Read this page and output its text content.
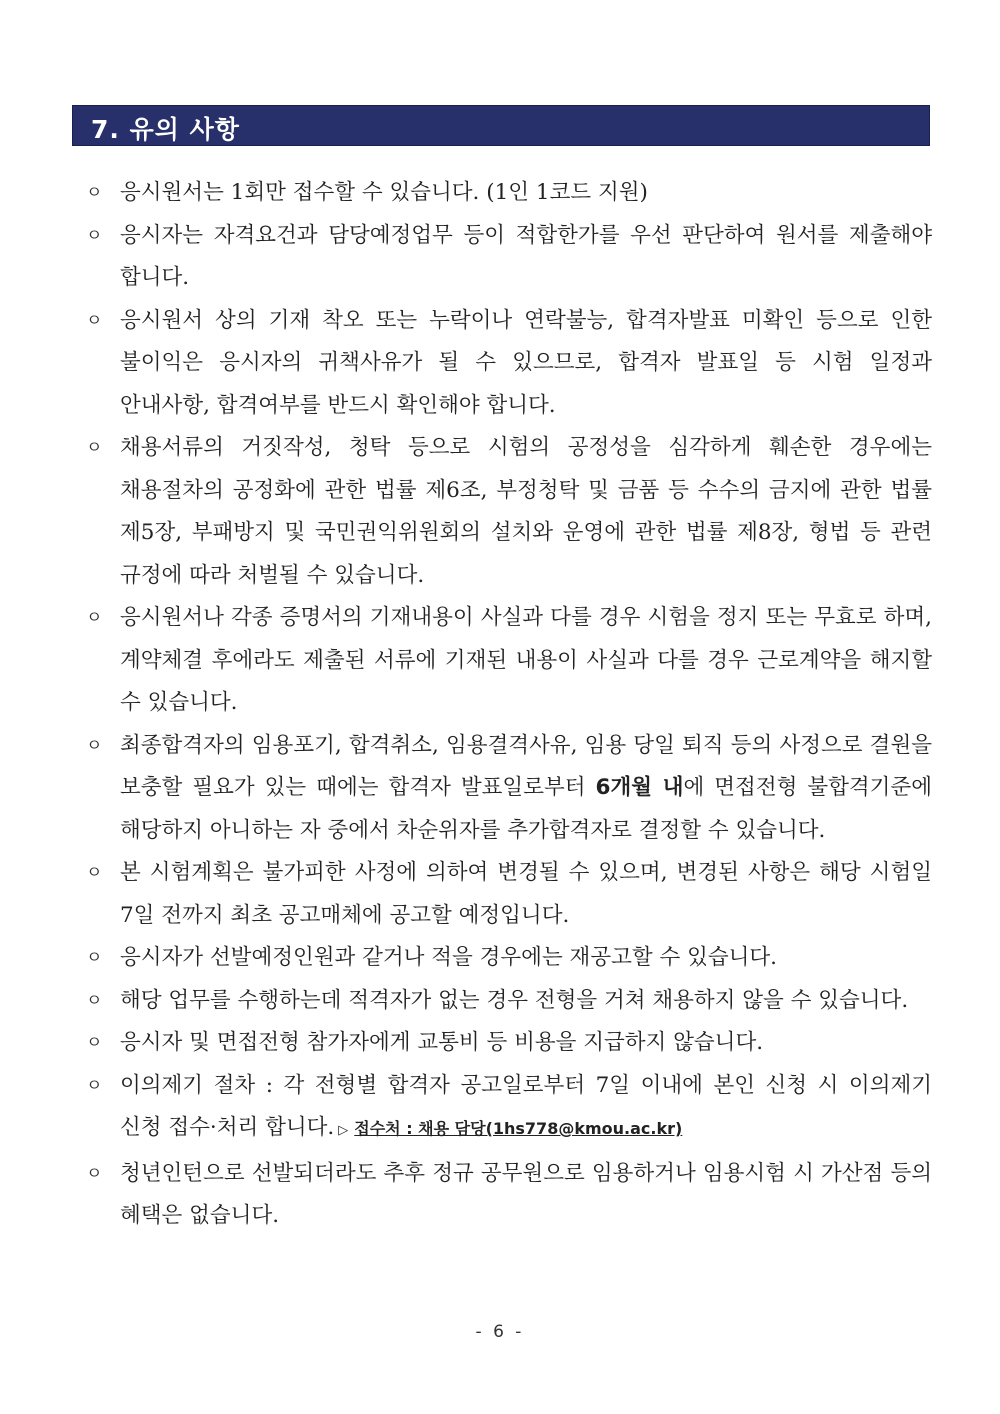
7. 유의 사항
ㅇ 응시원서는 1회만 접수할 수 있습니다. (1인 1코드 지원)
ㅇ 응시자는 자격요건과 담당예정업무 등이 적합한가를 우선 판단하여 원서를 제출해야 합니다.
ㅇ 응시원서 상의 기재 착오 또는 누락이나 연락불능, 합격자발표 미확인 등으로 인한 불이익은 응시자의 귀책사유가 될 수 있으므로, 합격자 발표일 등 시험 일정과 안내사항, 합격여부를 반드시 확인해야 합니다.
ㅇ 채용서류의 거짓작성, 청탁 등으로 시험의 공정성을 심각하게 훼손한 경우에는 채용절차의 공정화에 관한 법률 제6조, 부정청탁 및 금품 등 수수의 금지에 관한 법률 제5장, 부패방지 및 국민권익위원회의 설치와 운영에 관한 법률 제8장, 형법 등 관련 규정에 따라 처벌될 수 있습니다.
ㅇ 응시원서나 각종 증명서의 기재내용이 사실과 다를 경우 시험을 정지 또는 무효로 하며, 계약체결 후에라도 제출된 서류에 기재된 내용이 사실과 다를 경우 근로계약을 해지할 수 있습니다.
ㅇ 최종합격자의 임용포기, 합격취소, 임용결격사유, 임용 당일 퇴직 등의 사정으로 결원을 보충할 필요가 있는 때에는 합격자 발표일로부터 6개월 내에 면접전형 불합격기준에 해당하지 아니하는 자 중에서 차순위자를 추가합격자로 결정할 수 있습니다.
ㅇ 본 시험계획은 불가피한 사정에 의하여 변경될 수 있으며, 변경된 사항은 해당 시험일 7일 전까지 최초 공고매체에 공고할 예정입니다.
ㅇ 응시자가 선발예정인원과 같거나 적을 경우에는 재공고할 수 있습니다.
ㅇ 해당 업무를 수행하는데 적격자가 없는 경우 전형을 거쳐 채용하지 않을 수 있습니다.
ㅇ 응시자 및 면접전형 참가자에게 교통비 등 비용을 지급하지 않습니다.
ㅇ 이의제기 절차 : 각 전형별 합격자 공고일로부터 7일 이내에 본인 신청 시 이의제기 신청 접수·처리 합니다. ▷ 접수처 : 채용 담당(1hs778@kmou.ac.kr)
ㅇ 청년인턴으로 선발되더라도 추후 정규 공무원으로 임용하거나 임용시험 시 가산점 등의 혜택은 없습니다.
- 6 -
